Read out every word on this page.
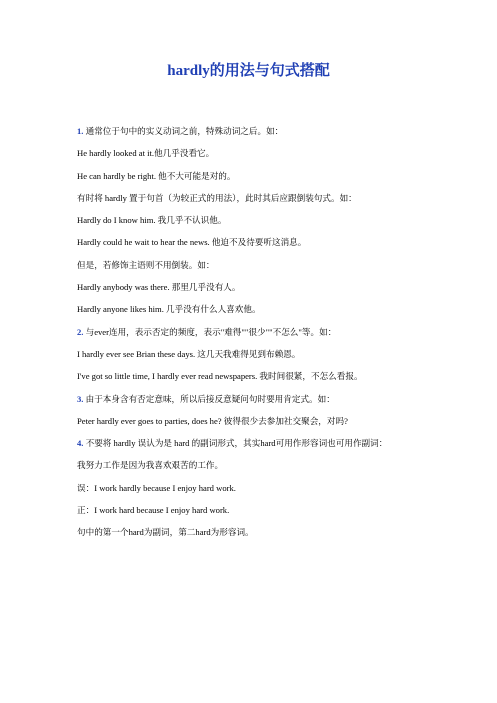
hardly的用法与句式搭配

1. 通常位于句中的实义动词之前，特殊动词之后。如：

He hardly looked at it.他几乎没看它。

He can hardly be right. 他不大可能是对的。

有时将 hardly 置于句首（为较正式的用法），此时其后应跟倒装句式。如：

Hardly do I know him. 我几乎不认识他。

Hardly could he wait to hear the news. 他迫不及待要听这消息。

但是，若修饰主语则不用倒装。如：

Hardly anybody was there. 那里几乎没有人。

Hardly anyone likes him. 几乎没有什么人喜欢他。

2. 与ever连用，表示否定的频度，表示"难得""很少""不怎么"等。如：

I hardly ever see Brian these days. 这几天我难得见到布赖恩。

I've got so little time, I hardly ever read newspapers. 我时间很紧，不怎么看报。

3. 由于本身含有否定意味，所以后接反意疑问句时要用肯定式。如：

Peter hardly ever goes to parties, does he? 彼得很少去参加社交聚会，对吗?

4. 不要将 hardly 误认为是 hard 的副词形式，其实hard可用作形容词也可用作副词：

我努力工作是因为我喜欢艰苦的工作。

误：I work hardly because I enjoy hard work.

正：I work hard because I enjoy hard work.

句中的第一个hard为副词，第二hard为形容词。
